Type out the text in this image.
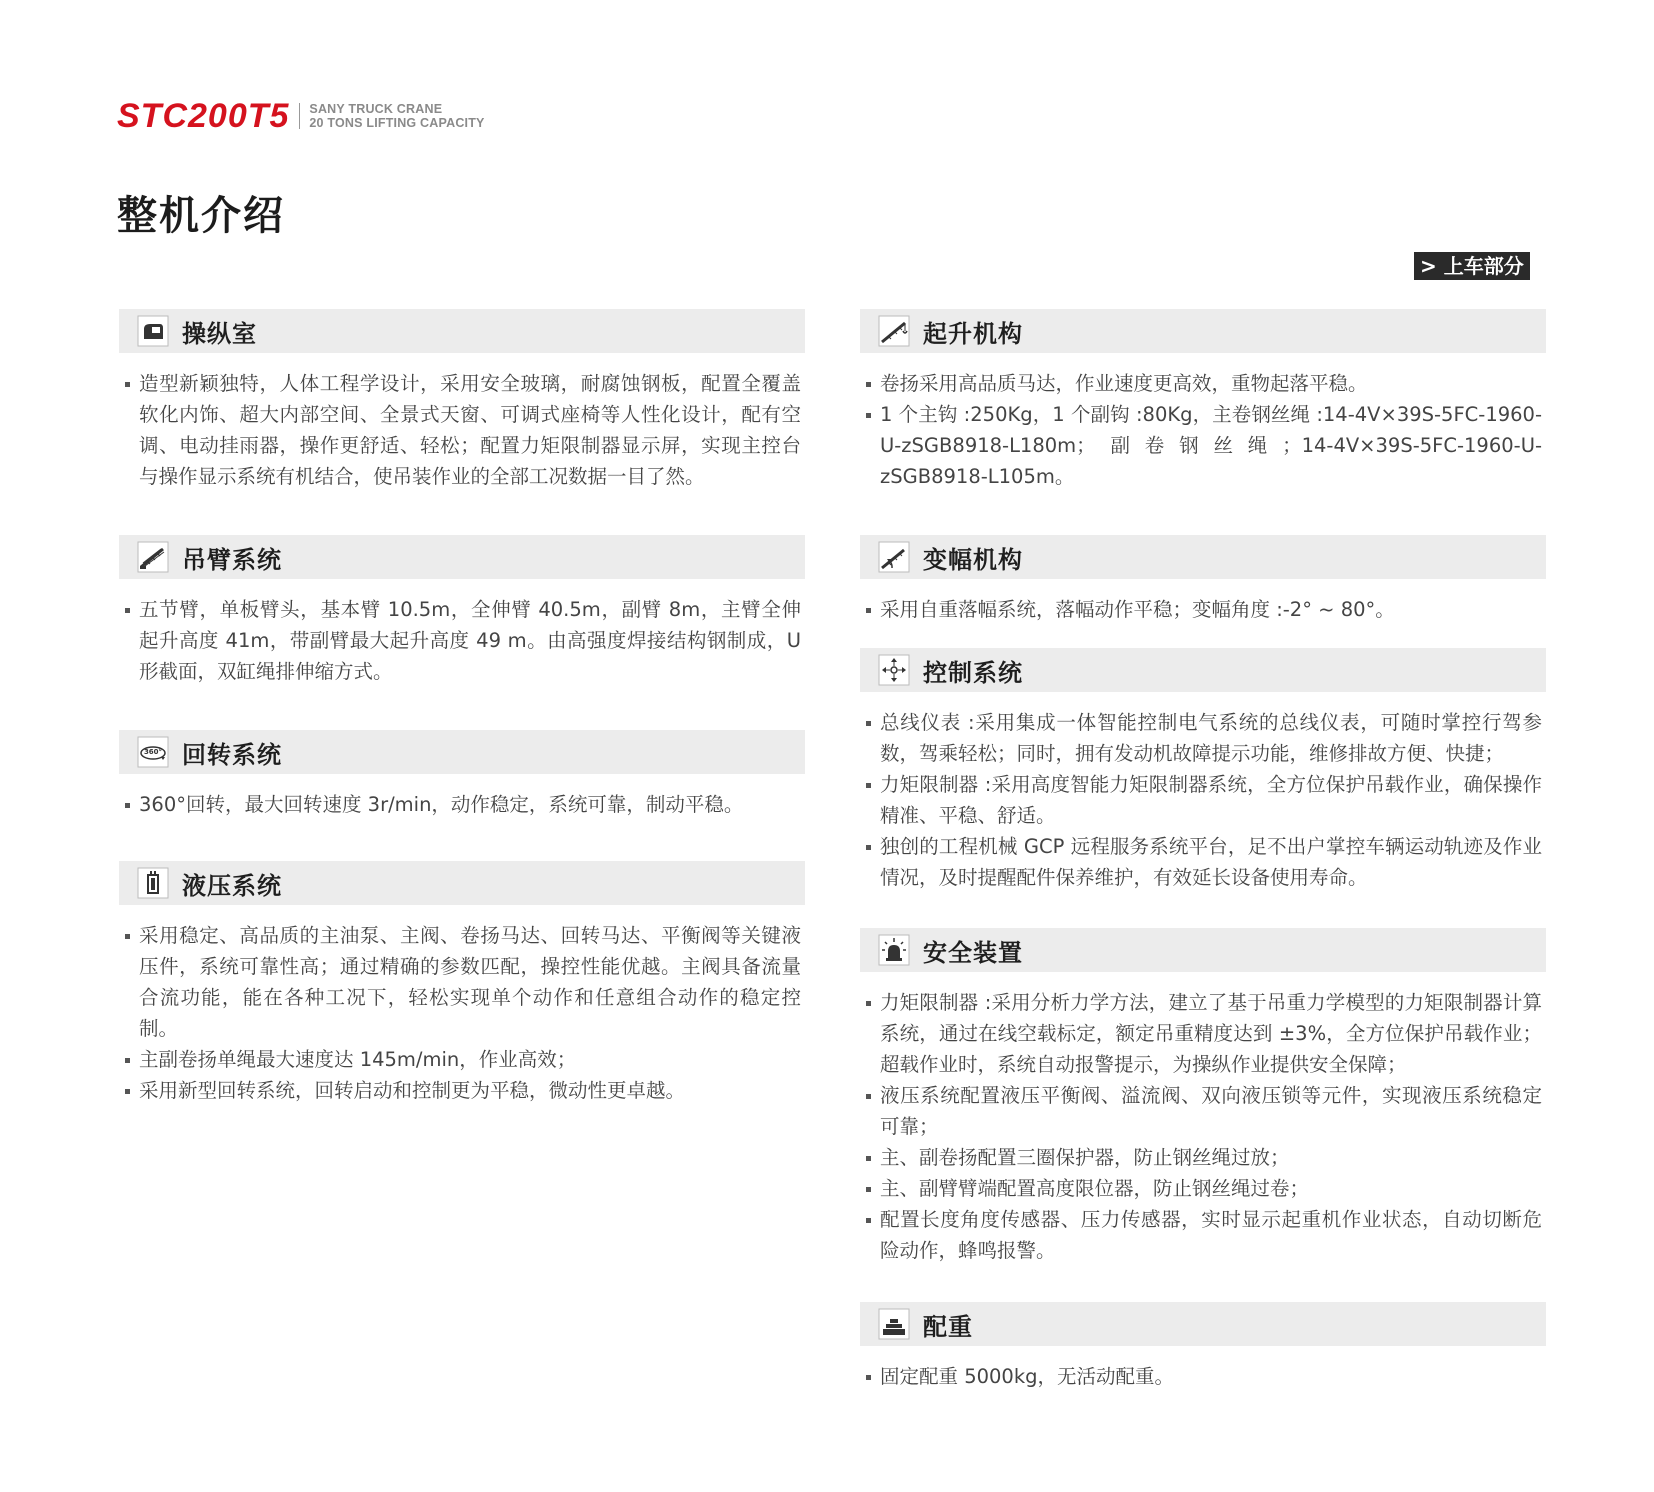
STC200T5 SANY TRUCK CRANE
20 TONS LIFTING CAPACITY
整机介绍
> 上车部分
操纵室
造型新颖独特，人体工程学设计，采用安全玻璃，耐腐蚀钢板，配置全覆盖软化内饰、超大内部空间、全景式天窗、可调式座椅等人性化设计，配有空调、电动挂雨器，操作更舒适、轻松；配置力矩限制器显示屏，实现主控台与操作显示系统有机结合，使吊装作业的全部工况数据一目了然。
吊臂系统
五节臂，单板臂头，基本臂 10.5m，全伸臂 40.5m，副臂 8m，主臂全伸起升高度 41m，带副臂最大起升高度 49 m。由高强度焊接结构钢制成，U 形截面，双缸绳排伸缩方式。
360° 回转系统
360°回转，最大回转速度 3r/min，动作稳定，系统可靠，制动平稳。
液压系统
采用稳定、高品质的主油泵、主阀、卷扬马达、回转马达、平衡阀等关键液压件，系统可靠性高；通过精确的参数匹配，操控性能优越。主阀具备流量合流功能，能在各种工况下，轻松实现单个动作和任意组合动作的稳定控制。
主副卷扬单绳最大速度达 145m/min，作业高效；
采用新型回转系统，回转启动和控制更为平稳，微动性更卓越。
起升机构
卷扬采用高品质马达，作业速度更高效，重物起落平稳。
1 个主钩 :250Kg，1 个副钩 :80Kg，主卷钢丝绳 :14-4V×39S-5FC-1960-U-zSGB8918-L180m；副卷钢丝绳；14-4V×39S-5FC-1960-U-zSGB8918-L105m。
变幅机构
采用自重落幅系统，落幅动作平稳；变幅角度 :-2° ~ 80°。
控制系统
总线仪表 :采用集成一体智能控制电气系统的总线仪表，可随时掌控行驾参数，驾乘轻松；同时，拥有发动机故障提示功能，维修排故方便、快捷；
力矩限制器 :采用高度智能力矩限制器系统，全方位保护吊载作业，确保操作精准、平稳、舒适。
独创的工程机械 GCP 远程服务系统平台，足不出户掌控车辆运动轨迹及作业情况，及时提醒配件保养维护，有效延长设备使用寿命。
安全装置
力矩限制器 :采用分析力学方法，建立了基于吊重力学模型的力矩限制器计算系统，通过在线空载标定，额定吊重精度达到 ±3%，全方位保护吊载作业；超载作业时，系统自动报警提示，为操纵作业提供安全保障；
液压系统配置液压平衡阀、溢流阀、双向液压锁等元件，实现液压系统稳定可靠；
主、副卷扬配置三圈保护器，防止钢丝绳过放；
主、副臂臂端配置高度限位器，防止钢丝绳过卷；
配置长度角度传感器、压力传感器，实时显示起重机作业状态，自动切断危险动作，蜂鸣报警。
配重
固定配重 5000kg，无活动配重。
